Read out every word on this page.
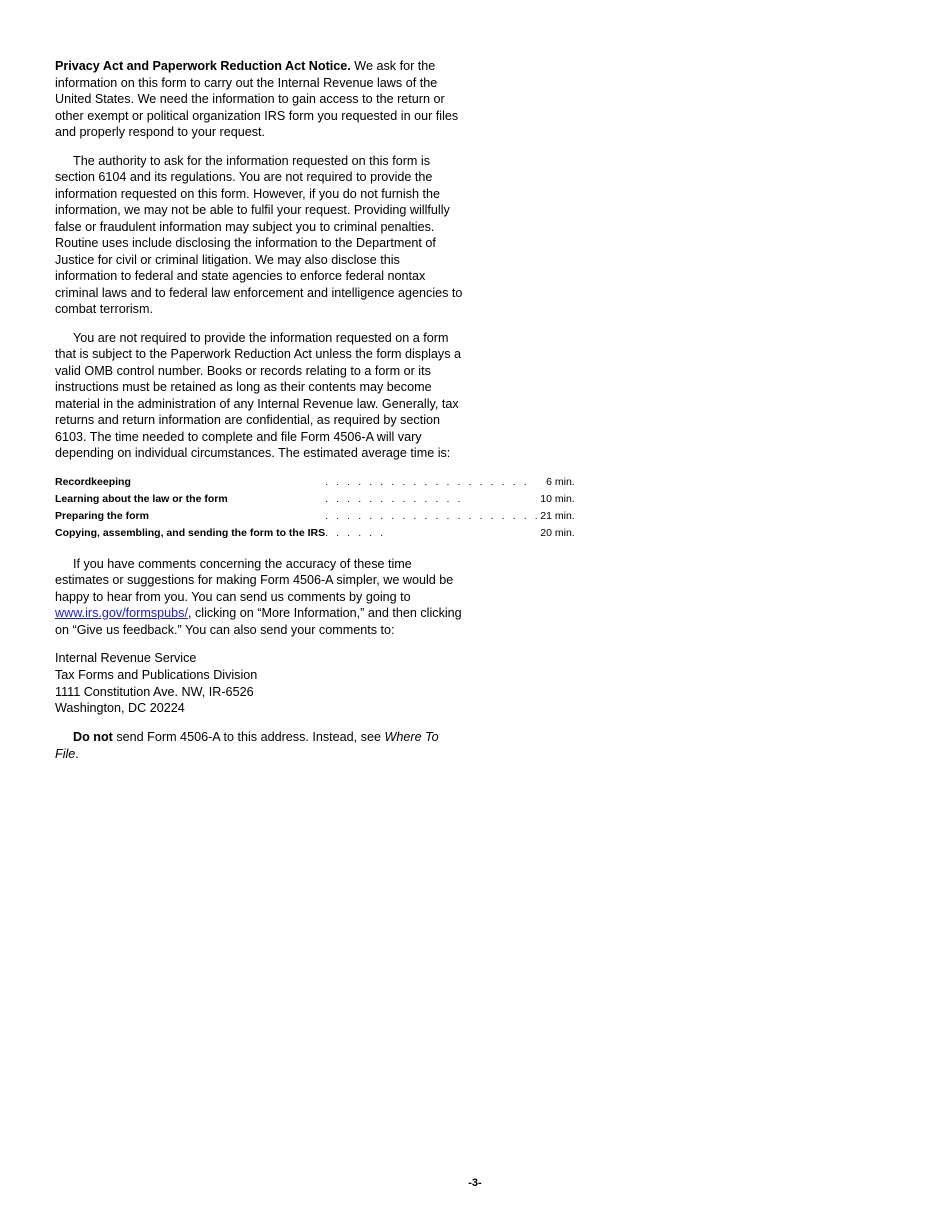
Privacy Act and Paperwork Reduction Act Notice. We ask for the information on this form to carry out the Internal Revenue laws of the United States. We need the information to gain access to the return or other exempt or political organization IRS form you requested in our files and properly respond to your request.

The authority to ask for the information requested on this form is section 6104 and its regulations. You are not required to provide the information requested on this form. However, if you do not furnish the information, we may not be able to fulfil your request. Providing willfully false or fraudulent information may subject you to criminal penalties. Routine uses include disclosing the information to the Department of Justice for civil or criminal litigation. We may also disclose this information to federal and state agencies to enforce federal nontax criminal laws and to federal law enforcement and intelligence agencies to combat terrorism.

You are not required to provide the information requested on a form that is subject to the Paperwork Reduction Act unless the form displays a valid OMB control number. Books or records relating to a form or its instructions must be retained as long as their contents may become material in the administration of any Internal Revenue law. Generally, tax returns and return information are confidential, as required by section 6103. The time needed to complete and file Form 4506-A will vary depending on individual circumstances. The estimated average time is:

Recordkeeping	. . . . . . . . . . . . . . . . . . .	6 min.
Learning about the law or the form	. . . . . . . . . . . . .	10 min.
Preparing the form	. . . . . . . . . . . . . . . . . . . .	21 min.
Copying, assembling, and sending the form to the IRS	. . . . . .	20 min.

If you have comments concerning the accuracy of these time estimates or suggestions for making Form 4506-A simpler, we would be happy to hear from you. You can send us comments by going to www.irs.gov/formspubs/, clicking on “More Information,” and then clicking on “Give us feedback.” You can also send your comments to:

Internal Revenue Service
Tax Forms and Publications Division
1111 Constitution Ave. NW, IR-6526
Washington, DC 20224

Do not send Form 4506-A to this address. Instead, see Where To File.

-3-
